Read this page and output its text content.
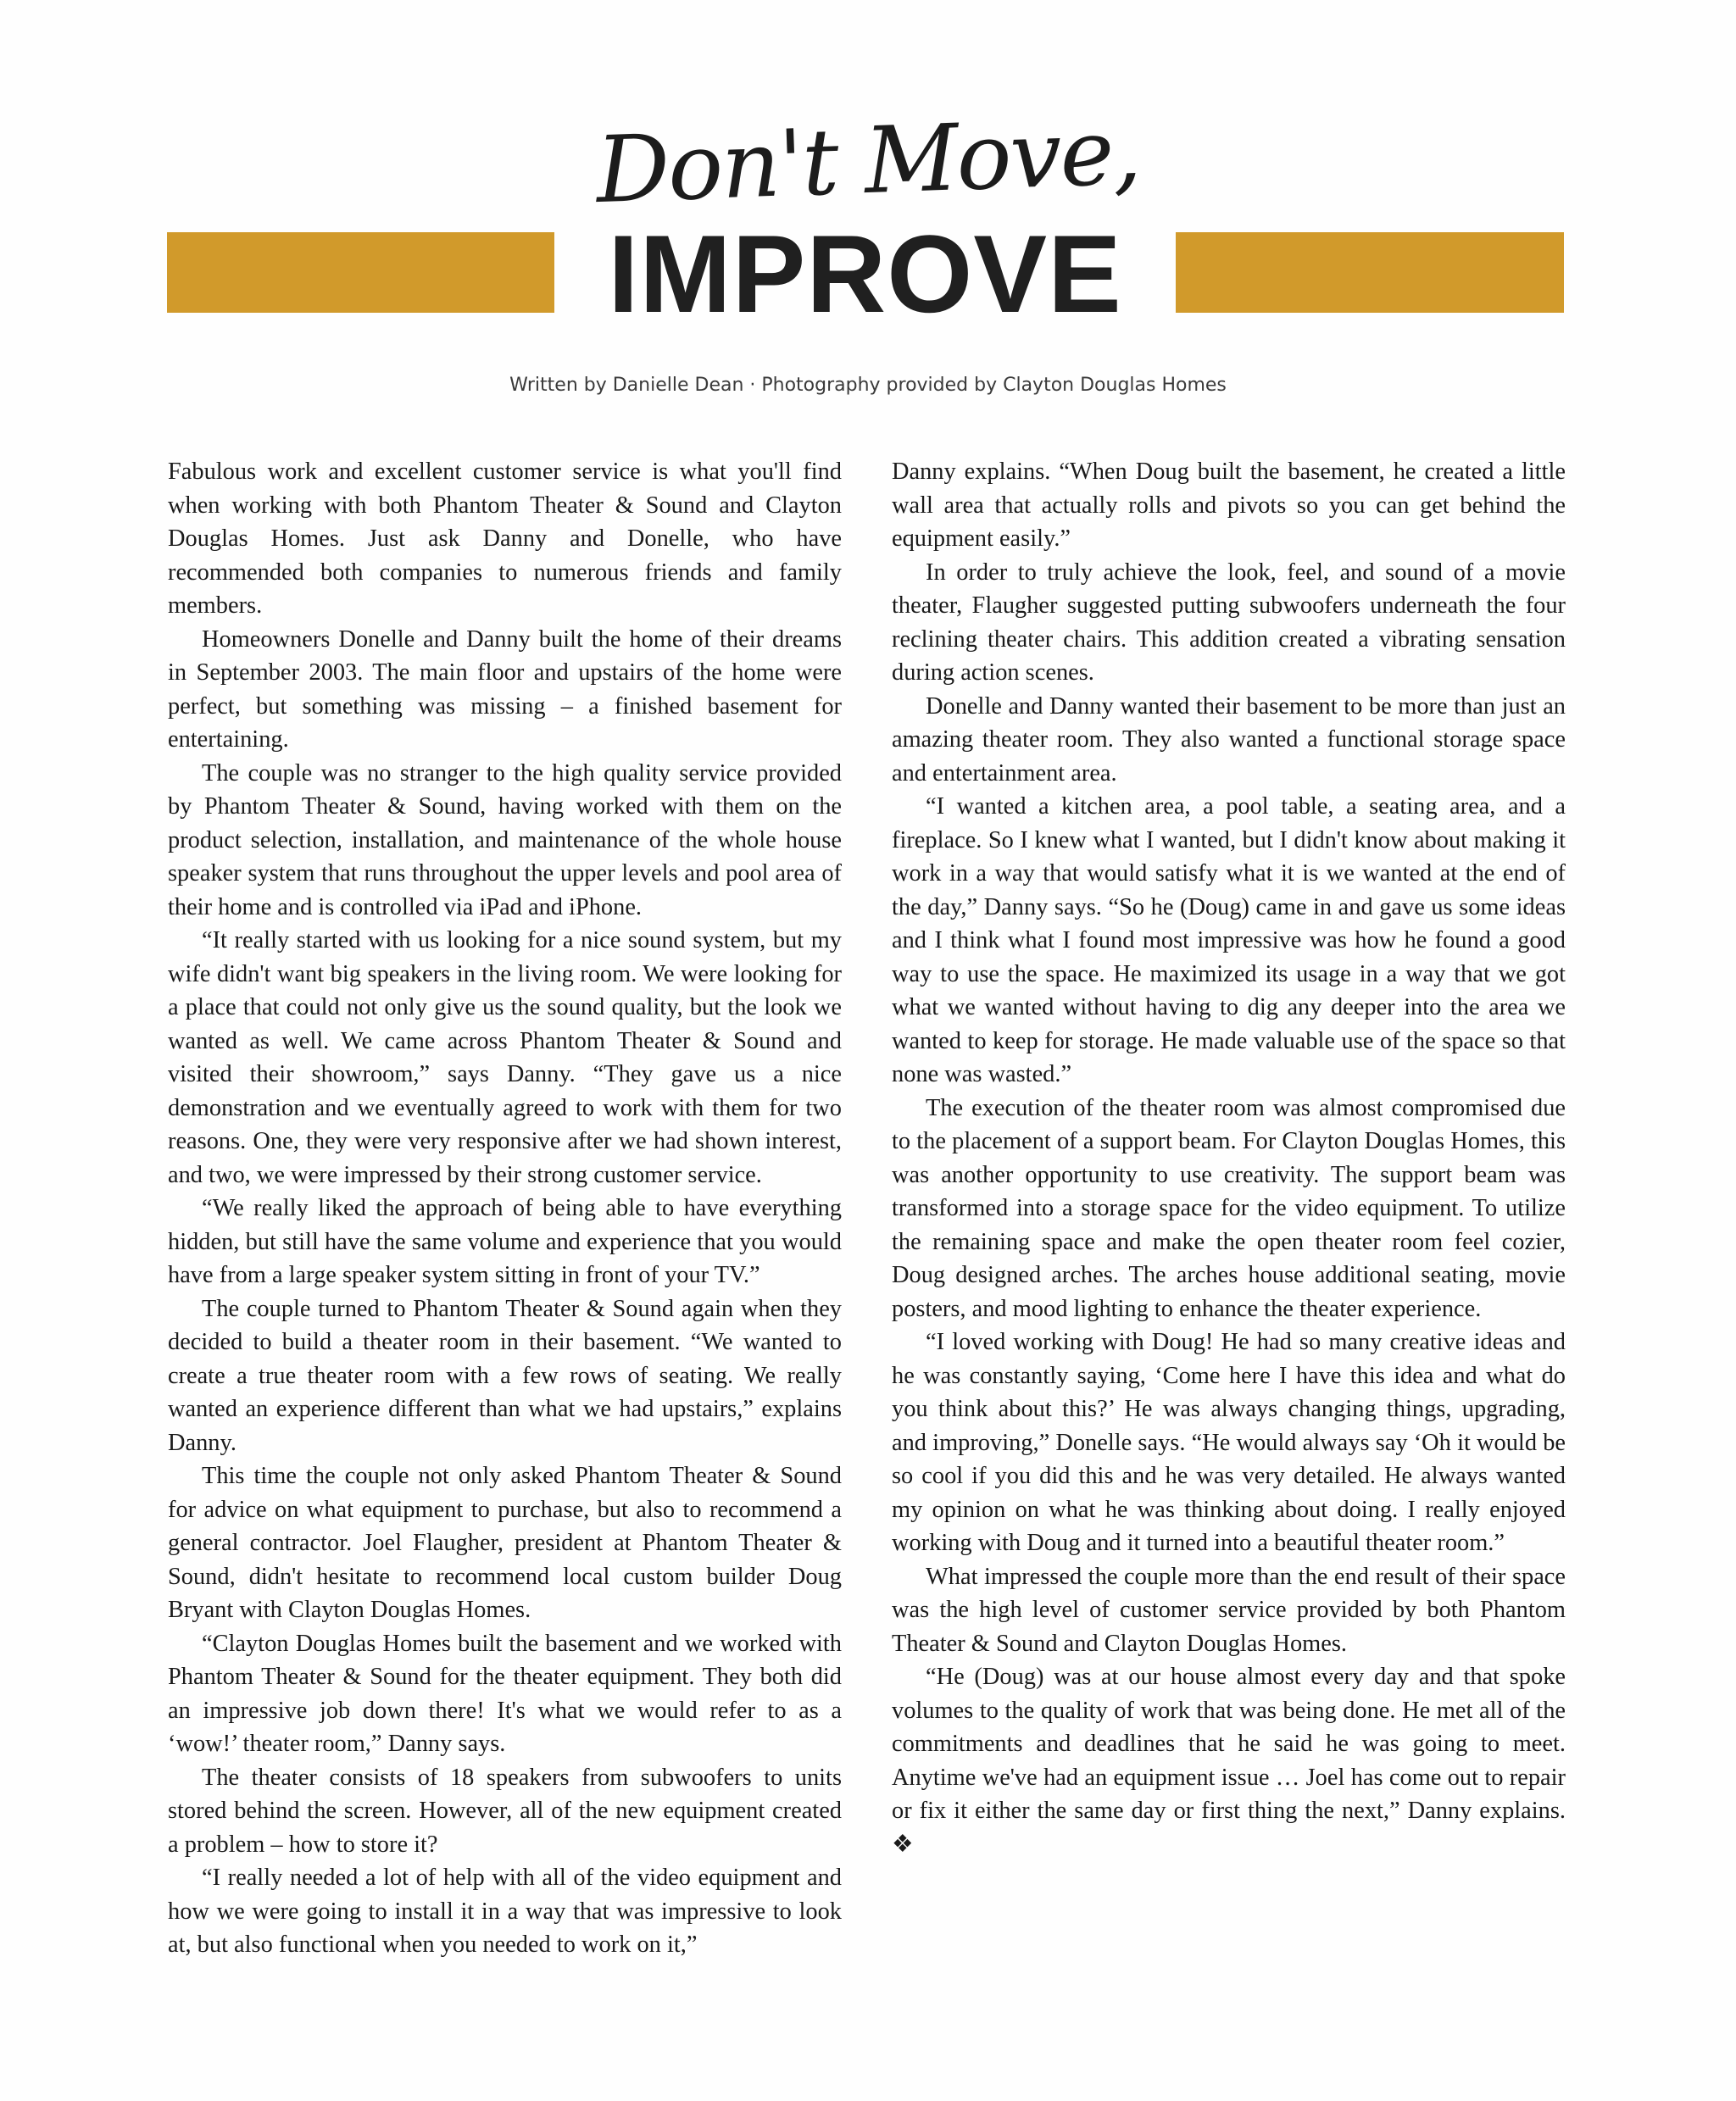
Don't Move,
IMPROVE
Written by Danielle Dean · Photography provided by Clayton Douglas Homes

Fabulous work and excellent customer service is what you'll find when working with both Phantom Theater & Sound and Clayton Douglas Homes. Just ask Danny and Donelle, who have recommended both companies to numerous friends and family members.

Homeowners Donelle and Danny built the home of their dreams in September 2003. The main floor and upstairs of the home were perfect, but something was missing – a finished basement for entertaining.

The couple was no stranger to the high quality service provided by Phantom Theater & Sound, having worked with them on the product selection, installation, and maintenance of the whole house speaker system that runs throughout the upper levels and pool area of their home and is controlled via iPad and iPhone.

“It really started with us looking for a nice sound system, but my wife didn't want big speakers in the living room. We were looking for a place that could not only give us the sound quality, but the look we wanted as well. We came across Phantom Theater & Sound and visited their showroom,” says Danny. “They gave us a nice demonstration and we eventually agreed to work with them for two reasons. One, they were very responsive after we had shown interest, and two, we were impressed by their strong customer service.

“We really liked the approach of being able to have everything hidden, but still have the same volume and experience that you would have from a large speaker system sitting in front of your TV.”

The couple turned to Phantom Theater & Sound again when they decided to build a theater room in their basement. “We wanted to create a true theater room with a few rows of seating. We really wanted an experience different than what we had upstairs,” explains Danny.

This time the couple not only asked Phantom Theater & Sound for advice on what equipment to purchase, but also to recommend a general contractor. Joel Flaugher, president at Phantom Theater & Sound, didn't hesitate to recommend local custom builder Doug Bryant with Clayton Douglas Homes.

“Clayton Douglas Homes built the basement and we worked with Phantom Theater & Sound for the theater equipment. They both did an impressive job down there! It's what we would refer to as a ‘wow!’ theater room,” Danny says.

The theater consists of 18 speakers from subwoofers to units stored behind the screen. However, all of the new equipment created a problem – how to store it?

“I really needed a lot of help with all of the video equipment and how we were going to install it in a way that was impressive to look at, but also functional when you needed to work on it,”

Danny explains. “When Doug built the basement, he created a little wall area that actually rolls and pivots so you can get behind the equipment easily.”

In order to truly achieve the look, feel, and sound of a movie theater, Flaugher suggested putting subwoofers underneath the four reclining theater chairs. This addition created a vibrating sensation during action scenes.

Donelle and Danny wanted their basement to be more than just an amazing theater room. They also wanted a functional storage space and entertainment area.

“I wanted a kitchen area, a pool table, a seating area, and a fireplace. So I knew what I wanted, but I didn't know about making it work in a way that would satisfy what it is we wanted at the end of the day,” Danny says. “So he (Doug) came in and gave us some ideas and I think what I found most impressive was how he found a good way to use the space. He maximized its usage in a way that we got what we wanted without having to dig any deeper into the area we wanted to keep for storage. He made valuable use of the space so that none was wasted.”

The execution of the theater room was almost compromised due to the placement of a support beam. For Clayton Douglas Homes, this was another opportunity to use creativity. The support beam was transformed into a storage space for the video equipment. To utilize the remaining space and make the open theater room feel cozier, Doug designed arches. The arches house additional seating, movie posters, and mood lighting to enhance the theater experience.

“I loved working with Doug! He had so many creative ideas and he was constantly saying, ‘Come here I have this idea and what do you think about this?’ He was always changing things, upgrading, and improving,” Donelle says. “He would always say ‘Oh it would be so cool if you did this and he was very detailed. He always wanted my opinion on what he was thinking about doing. I really enjoyed working with Doug and it turned into a beautiful theater room.”

What impressed the couple more than the end result of their space was the high level of customer service provided by both Phantom Theater & Sound and Clayton Douglas Homes.

“He (Doug) was at our house almost every day and that spoke volumes to the quality of work that was being done. He met all of the commitments and deadlines that he said he was going to meet. Anytime we've had an equipment issue … Joel has come out to repair or fix it either the same day or first thing the next,” Danny explains. ❖
